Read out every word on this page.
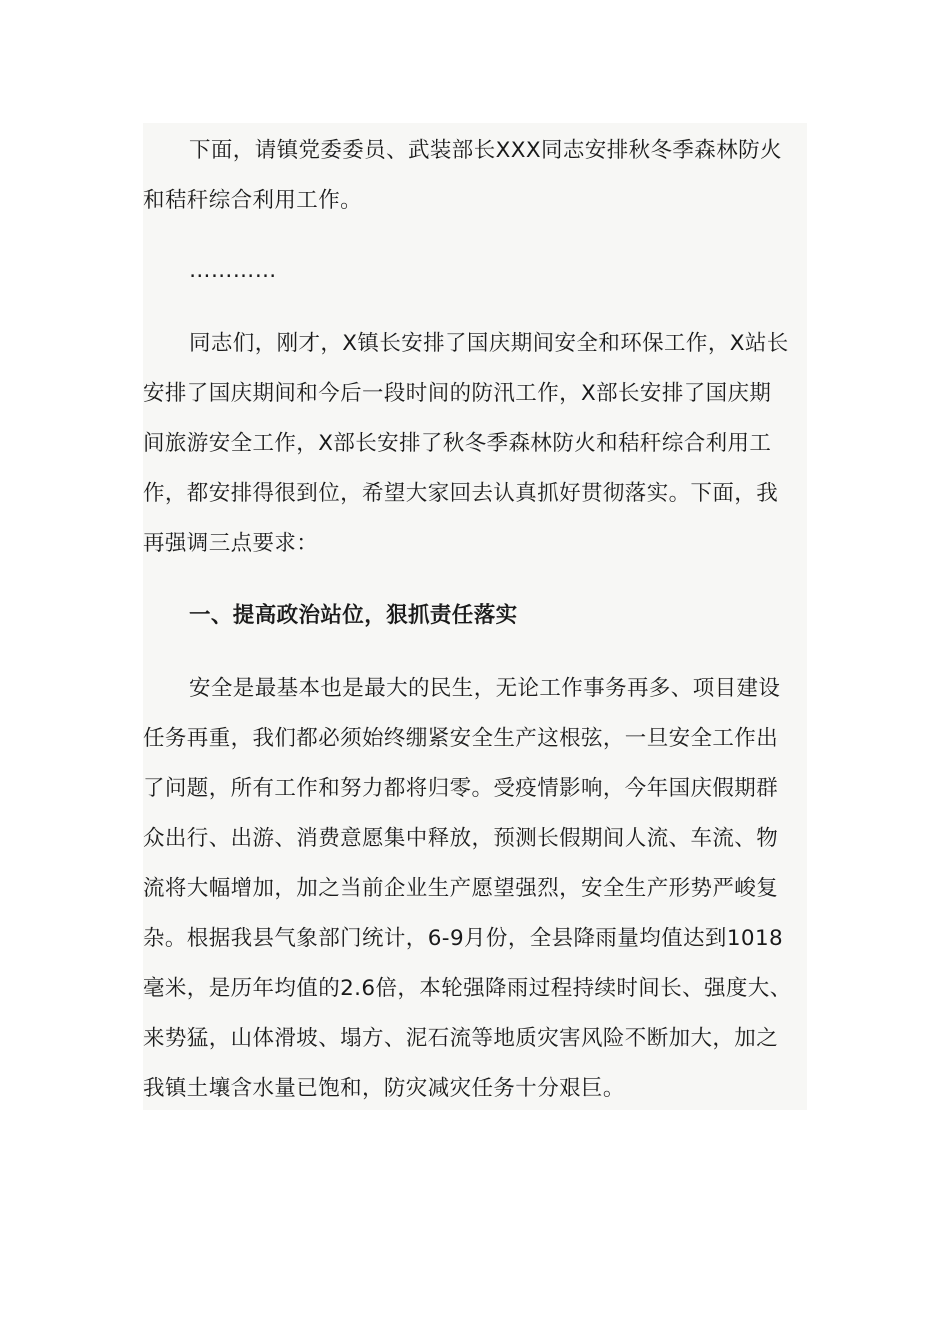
下面，请镇党委委员、武装部长XXX同志安排秋冬季森林防火
和秸秆综合利用工作。

…………

同志们，刚才，X镇长安排了国庆期间安全和环保工作，X站长
安排了国庆期间和今后一段时间的防汛工作，X部长安排了国庆期
间旅游安全工作，X部长安排了秋冬季森林防火和秸秆综合利用工
作，都安排得很到位，希望大家回去认真抓好贯彻落实。下面，我
再强调三点要求：

一、提高政治站位，狠抓责任落实

安全是最基本也是最大的民生，无论工作事务再多、项目建设
任务再重，我们都必须始终绷紧安全生产这根弦，一旦安全工作出
了问题，所有工作和努力都将归零。受疫情影响，今年国庆假期群
众出行、出游、消费意愿集中释放，预测长假期间人流、车流、物
流将大幅增加，加之当前企业生产愿望强烈，安全生产形势严峻复
杂。根据我县气象部门统计，6-9月份，全县降雨量均值达到1018
毫米，是历年均值的2.6倍，本轮强降雨过程持续时间长、强度大、
来势猛，山体滑坡、塌方、泥石流等地质灾害风险不断加大，加之
我镇土壤含水量已饱和，防灾减灾任务十分艰巨。
